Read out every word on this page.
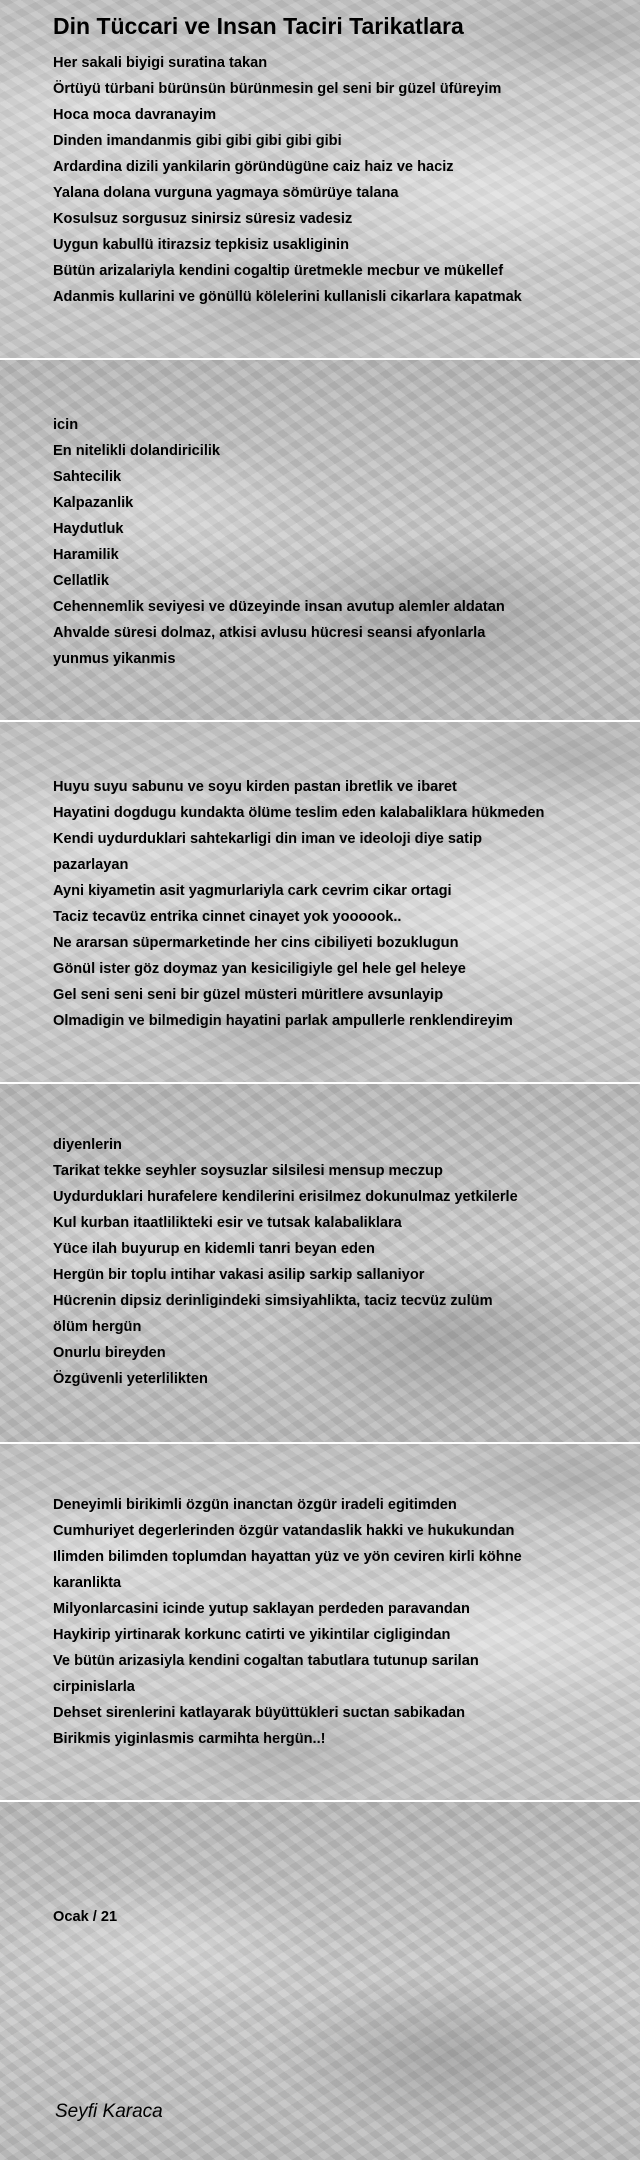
Din Tüccari ve Insan Taciri Tarikatlara
Her sakali biyigi suratina takan
Örtüyü türbani bürünsün bürünmesin gel seni bir güzel üfüreyim
Hoca moca davranayim
Dinden imandanmis gibi gibi gibi gibi gibi
Ardardina dizili yankilarin göründügüne caiz haiz ve haciz
Yalana dolana vurguna yagmaya sömürüye talana
Kosulsuz sorgusuz sinirsiz süresiz vadesiz
Uygun kabullü itirazsiz tepkisiz usakliginin
Bütün arizalariyla kendini cogaltip üretmekle mecbur ve mükellef
Adanmis kullarini ve gönüllü kölelerini kullanisli cikarlara kapatmak
icin
En nitelikli dolandiricilik
Sahtecilik
Kalpazanlik
Haydutluk
Haramilik
Cellatlik
Cehennemlik seviyesi ve düzeyinde insan avutup alemler aldatan
Ahvalde süresi dolmaz, atkisi avlusu hücresi seansi afyonlarla
yunmus yikanmis
Huyu suyu sabunu ve soyu kirden pastan ibretlik ve ibaret
Hayatini dogdugu kundakta ölüme teslim eden kalabaliklara hükmeden
Kendi uydurduklari sahtekarligi din iman ve ideoloji diye satip
pazarlayan
Ayni kiyametin asit yagmurlariyla cark cevrim cikar ortagi
Taciz tecavüz entrika cinnet cinayet yok yoooook..
Ne ararsan süpermarketinde her cins cibiliyeti bozuklugun
Gönül ister göz doymaz yan kesiciligiyle gel hele gel heleye
Gel seni seni seni bir güzel müsteri müritlere avsunlayip
Olmadigin ve bilmedigin hayatini parlak ampullerle renklendireyim
diyenlerin
Tarikat tekke seyhler soysuzlar silsilesi mensup meczup
Uydurduklari hurafelere kendilerini erisilmez dokunulmaz yetkilerle
Kul kurban itaatlilikteki esir ve tutsak kalabaliklara
Yüce ilah buyurup en kidemli tanri beyan eden
Hergün bir toplu intihar vakasi asilip sarkip sallaniyor
Hücrenin dipsiz derinligindeki simsiyahlikta, taciz tecvüz zulüm
ölüm hergün
Onurlu bireyden
Özgüvenli yeterlilikten
Deneyimli birikimli özgün inanctan özgür iradeli egitimden
Cumhuriyet degerlerinden özgür vatandaslik hakki ve hukukundan
Ilimden bilimden toplumdan hayattan yüz ve yön ceviren kirli köhne
karanlikta
Milyonlarcasini icinde yutup saklayan perdeden paravandan
Haykirip yirtinarak korkunc catirti ve yikintilar cigligindan
Ve bütün arizasiyla kendini cogaltan tabutlara tutunup sarilan
cirpinislarla
Dehset sirenlerini katlayarak büyüttükleri suctan sabikadan
Birikmis yiginlasmis carmihta hergün..!
Ocak / 21
Seyfi Karaca
